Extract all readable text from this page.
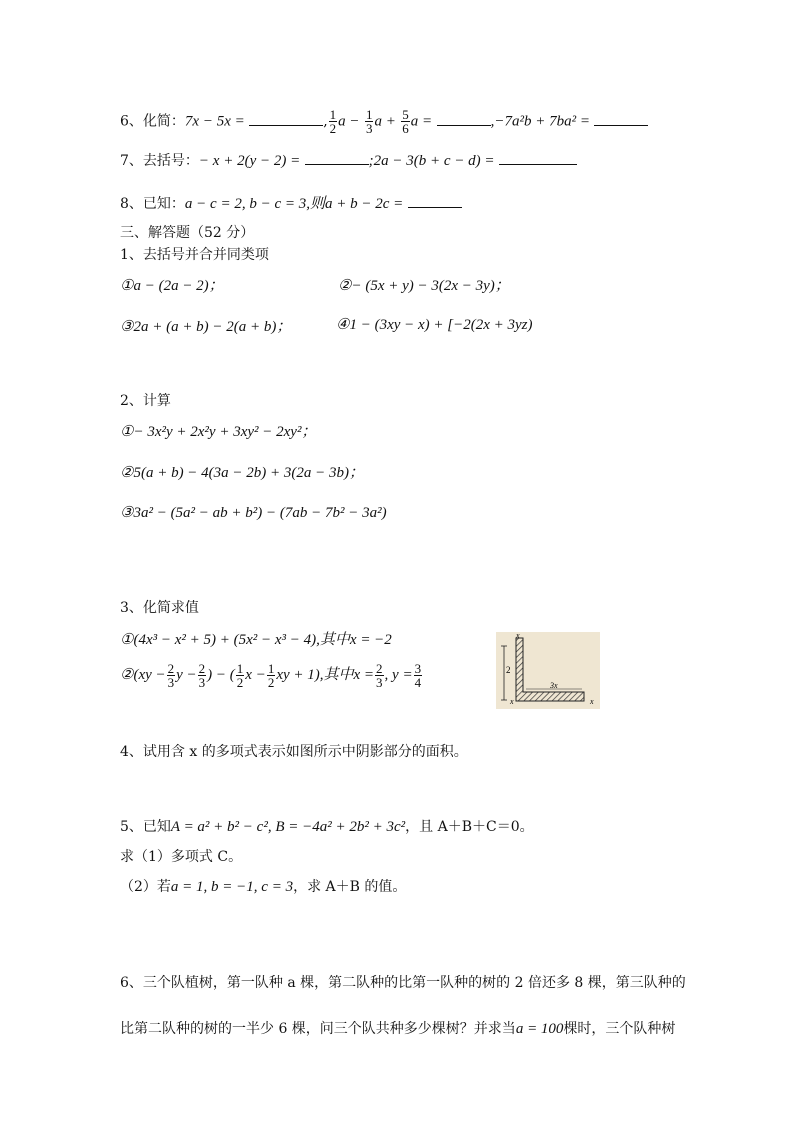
6、化简：7x − 5x =	, $\frac{1}{2}$ $a - \frac{1}{3}$ $a + \frac{5}{6}$ a =	,−7a²b + 7ba² =
7、去括号：− x + 2(y − 2) =	;2a − 3(b + c − d) =
8、已知：a − c = 2, b − c = 3,则a + b − 2c =
三、解答题（52 分）
1、去括号并合并同类项
①a − (2a − 2)；	②− (5x + y) − 3(2x − 3y)；
③2a + (a + b) − 2(a + b)；	④1 − (3xy − x) + [−2(2x + 3yz)
2、计算
①− 3x²y + 2x²y + 3xy² − 2xy²；
②5(a + b) − 4(3a − 2b) + 3(2a − 3b)；
③3a² − (5a² − ab + b²) − (7ab − 7b² − 3a²)
3、化简求值
①(4x³ − x² + 5) + (5x² − x³ − 4),其中x = −2
②(xy − $\frac{2}{3}$ $y - \frac{2}{3}$ ) − ( $\frac{1}{2}$ $x - \frac{1}{2}$ xy + 1),其中$x = \frac{2}{3}$ , $y = \frac{3}{4}$
x
2
x
3x
x
4、试用含 x 的多项式表示如图所示中阴影部分的面积。
5、已知A = a² + b² − c², B = −4a² + 2b² + 3c²，且 A＋B＋C＝0。
求（1）多项式 C。
（2）若a = 1, b = −1, c = 3，求 A＋B 的值。
6、三个队植树，第一队种 a 棵，第二队种的比第一队种的树的 2 倍还多 8 棵，第三队种的
比第二队种的树的一半少 6 棵，问三个队共种多少棵树？并求当a = 100棵时，三个队种树
